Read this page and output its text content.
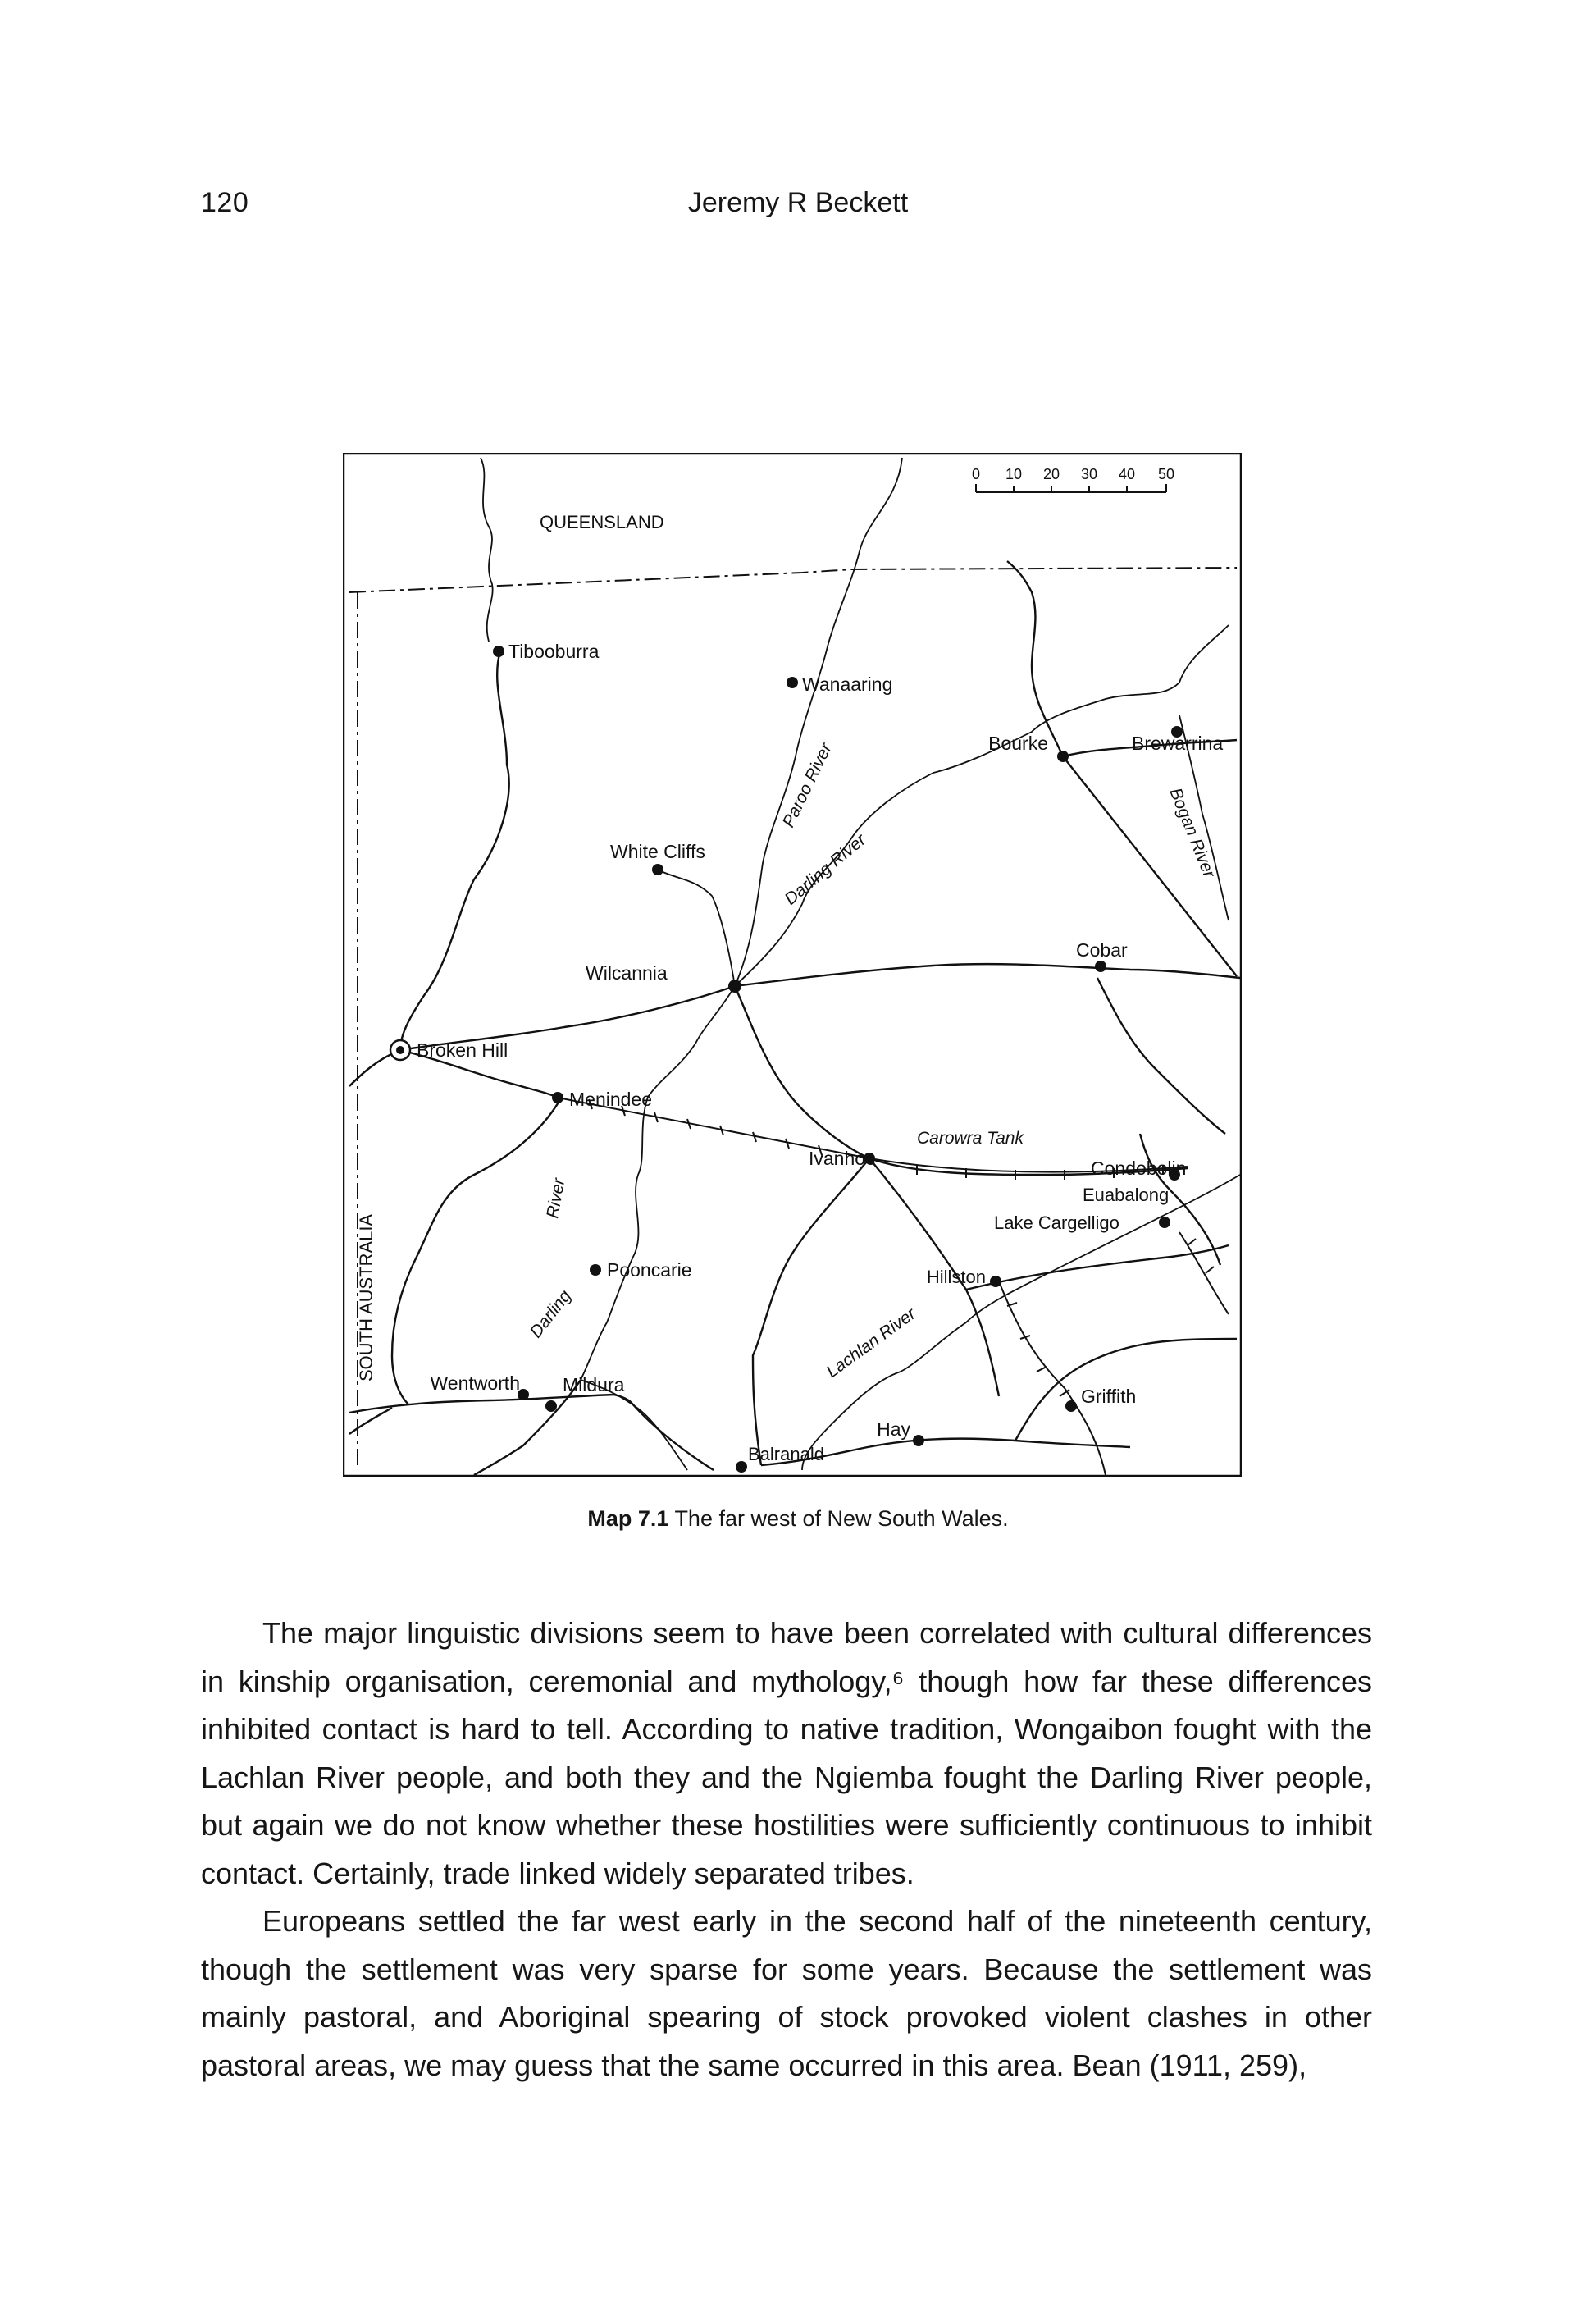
120	Jeremy R Beckett
0 10 20 30 40 50
QUEENSLAND
SOUTH AUSTRALIA
Tibooburra
Wanaaring
Bourke	Brewarrina
White Cliffs
Wilcannia
Cobar
Broken Hill
Menindee
Carowra Tank
Ivanhoe	Condobolin
Euabalong
Lake Cargelligo
Hillston
Pooncarie
Wentworth Mildura
Griffith
Hay
Balranald
Paroo River
Darling River	Bogan River
Lachlan River
River
Darling
Map 7.1 The far west of New South Wales.

The major linguistic divisions seem to have been correlated with cultural differences in kinship organisation, ceremonial and mythology,⁶ though how far these differences inhibited contact is hard to tell. According to native tradition, Wongaibon fought with the Lachlan River people, and both they and the Ngiemba fought the Darling River people, but again we do not know whether these hostilities were sufficiently continuous to inhibit contact. Certainly, trade linked widely separated tribes.

Europeans settled the far west early in the second half of the nineteenth century, though the settlement was very sparse for some years. Because the settlement was mainly pastoral, and Aboriginal spearing of stock provoked violent clashes in other pastoral areas, we may guess that the same occurred in this area. Bean (1911, 259),
